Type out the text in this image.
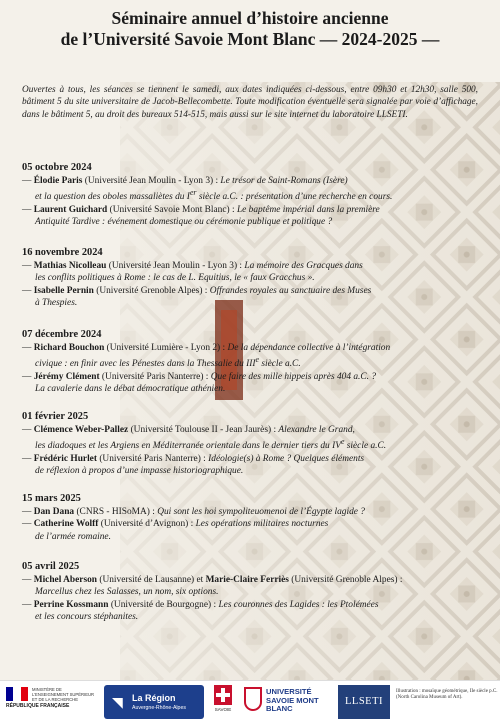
Séminaire annuel d’histoire ancienne
de l’Université Savoie Mont Blanc — 2024-2025 —
Ouvertes à tous, les séances se tiennent le samedi, aux dates indiquées ci-dessous, entre 09h30 et 12h30, salle 500, bâtiment 5 du site universitaire de Jacob-Bellecombette. Toute modification éventuelle sera signalée par voie d’affichage, dans le bâtiment 5, au droit des bureaux 514-515, mais aussi sur le site internet du laboratoire LLSETI.
05 octobre 2024
— Élodie Paris (Université Jean Moulin - Lyon 3) : Le trésor de Saint-Romans (Isère)
et la question des oboles massaliètes du Ier siècle a.C. : présentation d’une recherche en cours.
— Laurent Guichard (Université Savoie Mont Blanc) : Le baptême impérial dans la première
Antiquité Tardive : événement domestique ou cérémonie publique et politique ?
16 novembre 2024
— Mathias Nicolleau (Université Jean Moulin - Lyon 3) : La mémoire des Gracques dans
les conflits politiques à Rome : le cas de L. Equitius, le « faux Gracchus ».
— Isabelle Pernin (Université Grenoble Alpes) : Offrandes royales au sanctuaire des Muses
à Thespies.
07 décembre 2024
— Richard Bouchon (Université Lumière - Lyon 2) : De la dépendance collective à l’intégration
civique : en finir avec les Pénestes dans la Thessalie du IIIe siècle a.C.
— Jérémy Clément (Université Paris Nanterre) : Que faire des mille hippeis après 404 a.C. ?
La cavalerie dans le débat démocratique athénien.
01 février 2025
— Clémence Weber-Pallez (Université Toulouse II - Jean Jaurès) : Alexandre le Grand,
les diadoques et les Argiens en Méditerranée orientale dans le dernier tiers du IVe siècle a.C.
— Frédéric Hurlet (Université Paris Nanterre) : Idéologie(s) à Rome ? Quelques éléments
de réflexion à propos d’une impasse historiographique.
15 mars 2025
— Dan Dana (CNRS - HISoMA) : Qui sont les hoi sympoliteuomenoi de l’Égypte lagide ?
— Catherine Wolff (Université d’Avignon) : Les opérations militaires nocturnes
de l’armée romaine.
05 avril 2025
— Michel Aberson (Université de Lausanne) et Marie-Claire Ferriès (Université Grenoble Alpes) :
Marcellus chez les Salasses, un nom, six options.
— Perrine Kossmann (Université de Bourgogne) : Les couronnes des Lagides : les Ptolémées
et les concours stéphanites.
RÉPUBLIQUE FRANÇAISE
MINISTÈRE DE L’ENSEIGNEMENT SUPÉRIEUR ET DE LA RECHERCHE	◥ La Région
Auvergne-Rhône-Alpes	SAVOIE
UNIVERSITÉ SAVOIE MONT BLANC
LLSETI
Illustration : mosaïque géométrique, IIe siècle p.C. (North Carolina Museum of Art).
